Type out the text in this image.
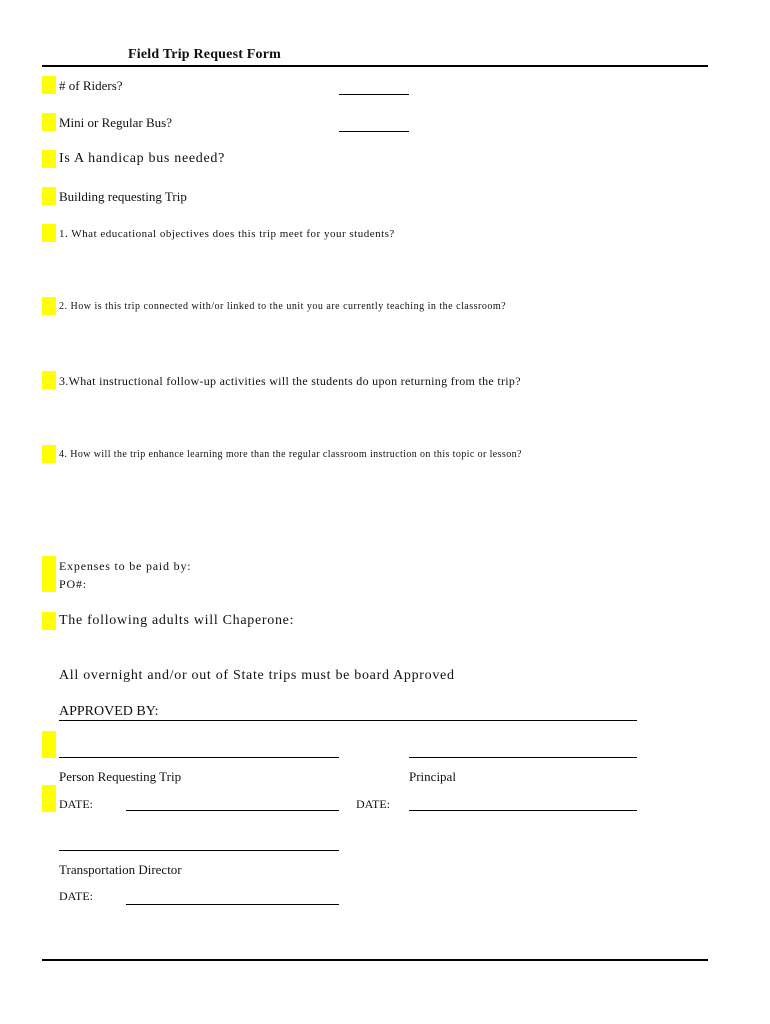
Field Trip Request Form
# of Riders?
Mini or Regular Bus?
Is A handicap bus needed?
Building requesting Trip
1. What educational objectives does this trip meet for your students?
2. How is this trip connected with/or linked to the unit you are currently teaching in the classroom?
3.What instructional follow-up activities will the students do upon returning from the trip?
4. How will the trip enhance learning more than the regular classroom instruction on this topic or lesson?
Expenses to be paid by:
PO#:
The following adults will Chaperone:
All overnight and/or out of State trips must be board Approved
APPROVED BY:
Person Requesting Trip	Principal
DATE:	DATE:
Transportation Director
DATE:
